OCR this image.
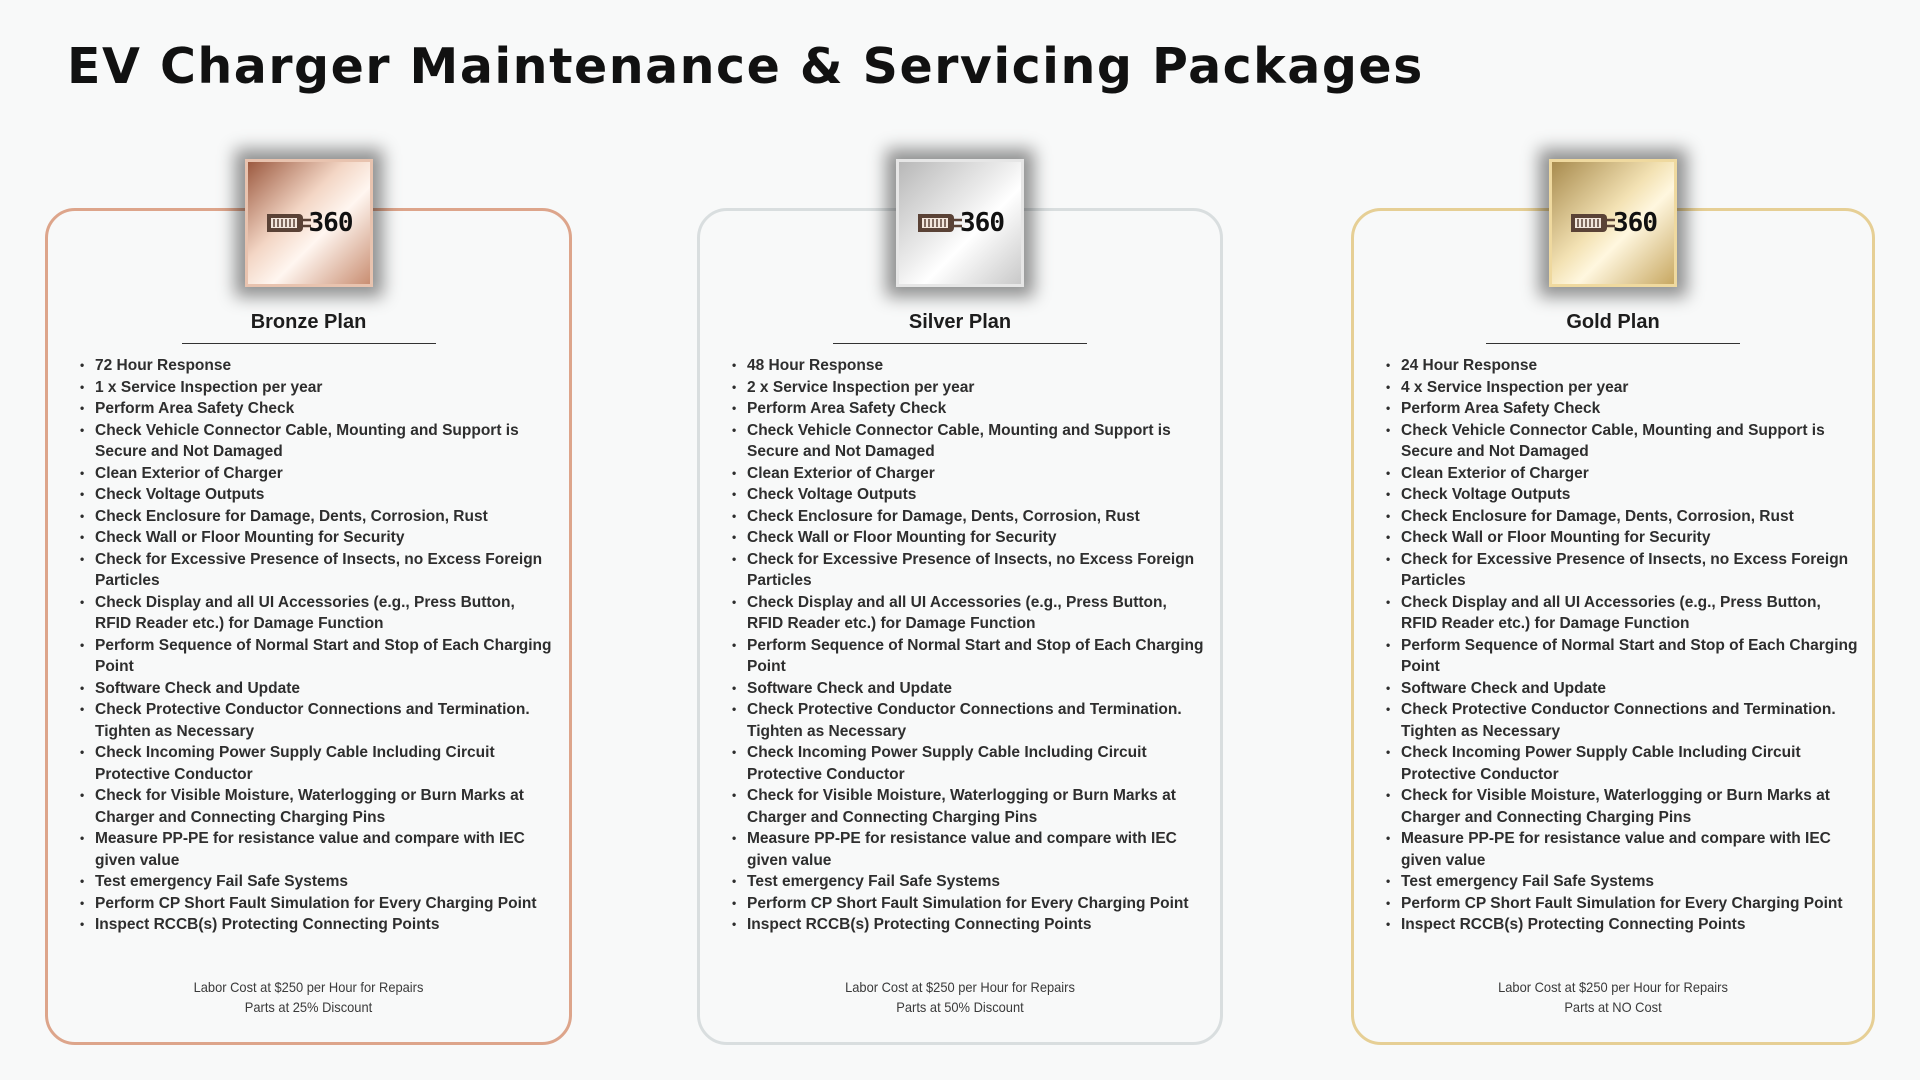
EV Charger Maintenance & Servicing Packages
360
Bronze Plan
• 72 Hour Response
• 1 x Service Inspection per year
• Perform Area Safety Check
• Check Vehicle Connector Cable, Mounting and Support is Secure and Not Damaged
• Clean Exterior of Charger
• Check Voltage Outputs
• Check Enclosure for Damage, Dents, Corrosion, Rust
• Check Wall or Floor Mounting for Security
• Check for Excessive Presence of Insects, no Excess Foreign Particles
• Check Display and all UI Accessories (e.g., Press Button, RFID Reader etc.) for Damage Function
• Perform Sequence of Normal Start and Stop of Each Charging Point
• Software Check and Update
• Check Protective Conductor Connections and Termination. Tighten as Necessary
• Check Incoming Power Supply Cable Including Circuit Protective Conductor
• Check for Visible Moisture, Waterlogging or Burn Marks at Charger and Connecting Charging Pins
• Measure PP-PE for resistance value and compare with IEC given value
• Test emergency Fail Safe Systems
• Perform CP Short Fault Simulation for Every Charging Point
• Inspect RCCB(s) Protecting Connecting Points
Labor Cost at $250 per Hour for Repairs
Parts at 25% Discount
360
Silver Plan
• 48 Hour Response
• 2 x Service Inspection per year
• Perform Area Safety Check
• Check Vehicle Connector Cable, Mounting and Support is Secure and Not Damaged
• Clean Exterior of Charger
• Check Voltage Outputs
• Check Enclosure for Damage, Dents, Corrosion, Rust
• Check Wall or Floor Mounting for Security
• Check for Excessive Presence of Insects, no Excess Foreign Particles
• Check Display and all UI Accessories (e.g., Press Button, RFID Reader etc.) for Damage Function
• Perform Sequence of Normal Start and Stop of Each Charging Point
• Software Check and Update
• Check Protective Conductor Connections and Termination. Tighten as Necessary
• Check Incoming Power Supply Cable Including Circuit Protective Conductor
• Check for Visible Moisture, Waterlogging or Burn Marks at Charger and Connecting Charging Pins
• Measure PP-PE for resistance value and compare with IEC given value
• Test emergency Fail Safe Systems
• Perform CP Short Fault Simulation for Every Charging Point
• Inspect RCCB(s) Protecting Connecting Points
Labor Cost at $250 per Hour for Repairs
Parts at 50% Discount
360
Gold Plan
• 24 Hour Response
• 4 x Service Inspection per year
• Perform Area Safety Check
• Check Vehicle Connector Cable, Mounting and Support is Secure and Not Damaged
• Clean Exterior of Charger
• Check Voltage Outputs
• Check Enclosure for Damage, Dents, Corrosion, Rust
• Check Wall or Floor Mounting for Security
• Check for Excessive Presence of Insects, no Excess Foreign Particles
• Check Display and all UI Accessories (e.g., Press Button, RFID Reader etc.) for Damage Function
• Perform Sequence of Normal Start and Stop of Each Charging Point
• Software Check and Update
• Check Protective Conductor Connections and Termination. Tighten as Necessary
• Check Incoming Power Supply Cable Including Circuit Protective Conductor
• Check for Visible Moisture, Waterlogging or Burn Marks at Charger and Connecting Charging Pins
• Measure PP-PE for resistance value and compare with IEC given value
• Test emergency Fail Safe Systems
• Perform CP Short Fault Simulation for Every Charging Point
• Inspect RCCB(s) Protecting Connecting Points
Labor Cost at $250 per Hour for Repairs
Parts at NO Cost
